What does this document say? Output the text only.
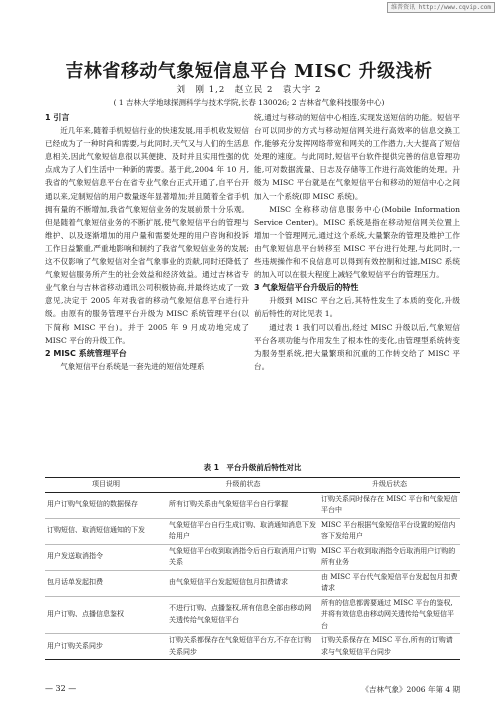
维普资讯 http://www.cqvip.com
吉林省移动气象短信息平台 MISC 升级浅析
刘　刚 1,2　赵立民 2　袁大宇 2
( 1 吉林大学地球探测科学与技术学院,长春 130026; 2 吉林省气象科技服务中心)
1 引言

近几年来,随着手机短信行业的快速发展,用手机收发短信已经成为了一种时尚和需要,与此同时,天气又与人们的生活息息相关,因此气象短信息很以其便捷、及时并且实用性强的优点成为了人们生活中一种新的需要。基于此,2004 年 10 月,我省的气象短信息平台在省专业气象台正式开通了,自平台开通以来,定制短信的用户数量逐年显著增加;并且随着全省手机拥有量的不断增加,我省气象短信业务的发展前景十分乐观。但是随着气象短信业务的不断扩展,使气象短信平台的管理与维护、以及逐渐增加的用户量和需要处理的用户咨询和投诉工作日益繁重,严重地影响和制约了我省气象短信业务的发展;这不仅影响了气象短信对全省气象事业的贡献,同时还降低了气象短信服务所产生的社会效益和经济效益。通过吉林省专业气象台与吉林省移动通讯公司积极协商,并最终达成了一致意见,决定于 2005 年对我省的移动气象短信息平台进行升级。由原有的服务管理平台升级为 MISC 系统管理平台(以下简称 MISC 平台)。并于 2005 年 9 月成功地完成了 MISC 平台的升级工作。

2 MISC 系统管理平台

气象短信平台系统是一套先进的短信处理系

统,通过与移动的短信中心相连,实现发送短信的功能。短信平台可以同步的方式与移动短信网关进行高效率的信息交换工作,能够充分发挥网络带宽和网关的工作潜力,大大提高了短信处理的速度。与此同时,短信平台软件提供完善的信息管理功能,可对数据流量、日志及存储等工作进行高效能的处理。升级为 MISC 平台就是在气象短信平台和移动的短信中心之间加入一个系统(即 MISC 系统)。

MISC 全称移动信息服务中心(Mobile Information Service Center)。MISC 系统是指在移动短信网关位置上增加一个管理网元,通过这个系统,大量繁杂的管理及维护工作由气象短信息平台转移至 MISC 平台进行处理,与此同时,一些违规操作和不良信息可以得到有效控制和过滤,MISC 系统的加入可以在很大程度上减轻气象短信平台的管理压力。

3 气象短信平台升级后的特性

升级到 MISC 平台之后,其特性发生了本质的变化,升级前后特性的对比见表 1。

通过表 1 我们可以看出,经过 MISC 升级以后,气象短信平台各项功能与作用发生了根本性的变化,由管理型系统转变为服务型系统,把大量繁琐和沉重的工作转交给了 MISC 平台。

表 1　平台升级前后特性对比
项目说明	升级前状态	升级后状态
用户订购气象短信的数据保存	所有订购关系由气象短信平台自行掌握	订购关系同时保存在 MISC 平台和气象短信平台中
订购短信、取消短信通知的下发	气象短信平台自行生成订购、取消通知消息下发给用户	MISC 平台根据气象短信平台设置的短信内容下发给用户
用户发送取消指令	气象短信平台收到取消指令后自行取消用户订购关系	MISC 平台收到取消指令后取消用户订购的所有业务
包月话单发起扣费	由气象短信平台发起短信包月扣费请求	由 MISC 平台代气象短信平台发起包月扣费请求
用户订购、点播信息鉴权	不进行订购、点播鉴权,所有信息全部由移动网关透传给气象短信平台	所有的信息都需要通过 MISC 平台的鉴权,并将有效信息由移动网关透传给气象短信平台
用户订购关系同步	订购关系都保存在气象短信平台方,不存在订购关系同步	订购关系保存在 MISC 平台,所有的订购请求与气象短信平台同步
— 32 —	《吉林气象》2006 年第 4 期
